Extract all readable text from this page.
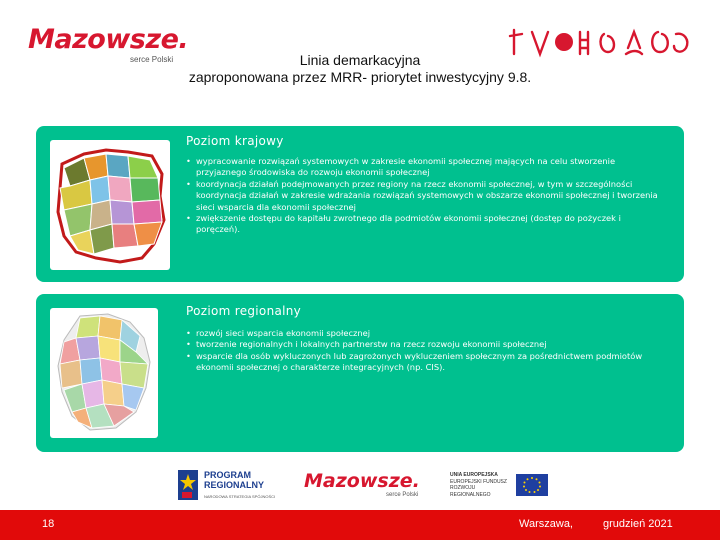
Mazowsze.
serce Polski	Linia demarkacyjna
zaproponowana przez MRR- priorytet inwestycyjny 9.8.
Poziom krajowy
• wypracowanie rozwiązań systemowych w zakresie ekonomii społecznej mających na celu stworzenie przyjaznego środowiska do rozwoju ekonomii społecznej
• koordynacja działań podejmowanych przez regiony na rzecz ekonomii społecznej, w tym w szczególności koordynacja działań w zakresie wdrażania rozwiązań systemowych w obszarze ekonomii społecznej i tworzenia sieci wsparcia dla ekonomii społecznej
• zwiększenie dostępu do kapitału zwrotnego dla podmiotów ekonomii społecznej (dostęp do pożyczek i poręczeń).
Poziom regionalny
• rozwój sieci wsparcia ekonomii społecznej
• tworzenie regionalnych i lokalnych partnerstw na rzecz rozwoju ekonomii społecznej
• wsparcie dla osób wykluczonych lub zagrożonych wykluczeniem społecznym za pośrednictwem podmiotów ekonomii społecznej o charakterze integracyjnych (np. CIS).
PROGRAM
REGIONALNY
NARODOWA STRATEGIA SPÓJNOŚCI
Mazowsze.
serce Polski
UNIA EUROPEJSKA
EUROPEJSKI FUNDUSZ
ROZWOJU REGIONALNEGO
18	Warszawa,	grudzień 2021
